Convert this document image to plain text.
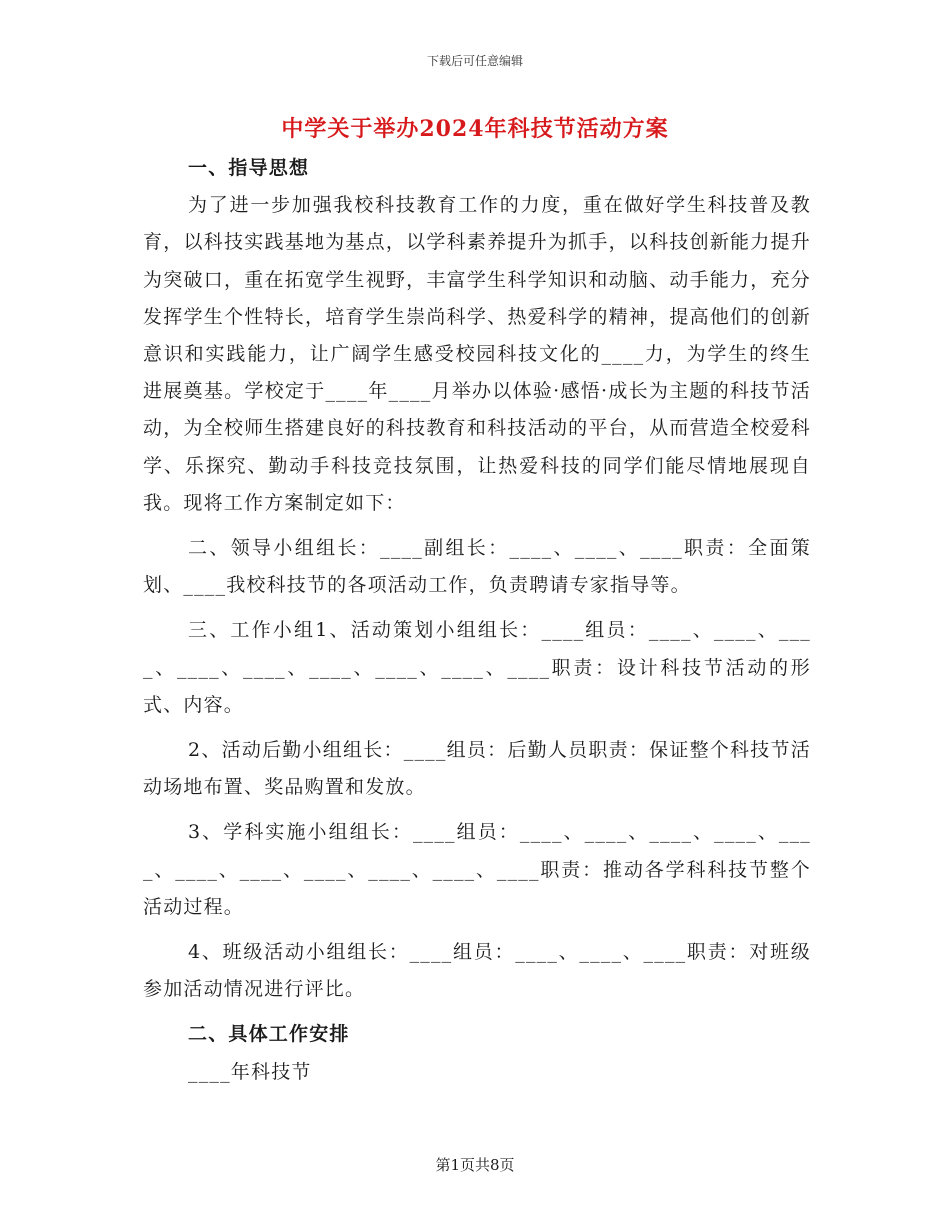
下载后可任意编辑
中学关于举办2024年科技节活动方案

一、指导思想

为了进一步加强我校科技教育工作的力度，重在做好学生科技普及教育，以科技实践基地为基点，以学科素养提升为抓手，以科技创新能力提升为突破口，重在拓宽学生视野，丰富学生科学知识和动脑、动手能力，充分发挥学生个性特长，培育学生崇尚科学、热爱科学的精神，提高他们的创新意识和实践能力，让广阔学生感受校园科技文化的____力，为学生的终生进展奠基。学校定于____年____月举办以体验·感悟·成长为主题的科技节活动，为全校师生搭建良好的科技教育和科技活动的平台，从而营造全校爱科学、乐探究、勤动手科技竞技氛围，让热爱科技的同学们能尽情地展现自我。现将工作方案制定如下：

二、领导小组组长：____副组长：____、____、____职责：全面策划、____我校科技节的各项活动工作，负责聘请专家指导等。

三、工作小组1、活动策划小组组长：____组员：____、____、____、____、____、____、____、____、____职责：设计科技节活动的形式、内容。

2、活动后勤小组组长：____组员：后勤人员职责：保证整个科技节活动场地布置、奖品购置和发放。

3、学科实施小组组长：____组员：____、____、____、____、____、____、____、____、____、____、____职责：推动各学科科技节整个活动过程。

4、班级活动小组组长：____组员：____、____、____职责：对班级参加活动情况进行评比。

二、具体工作安排

____年科技节

第1页共8页
